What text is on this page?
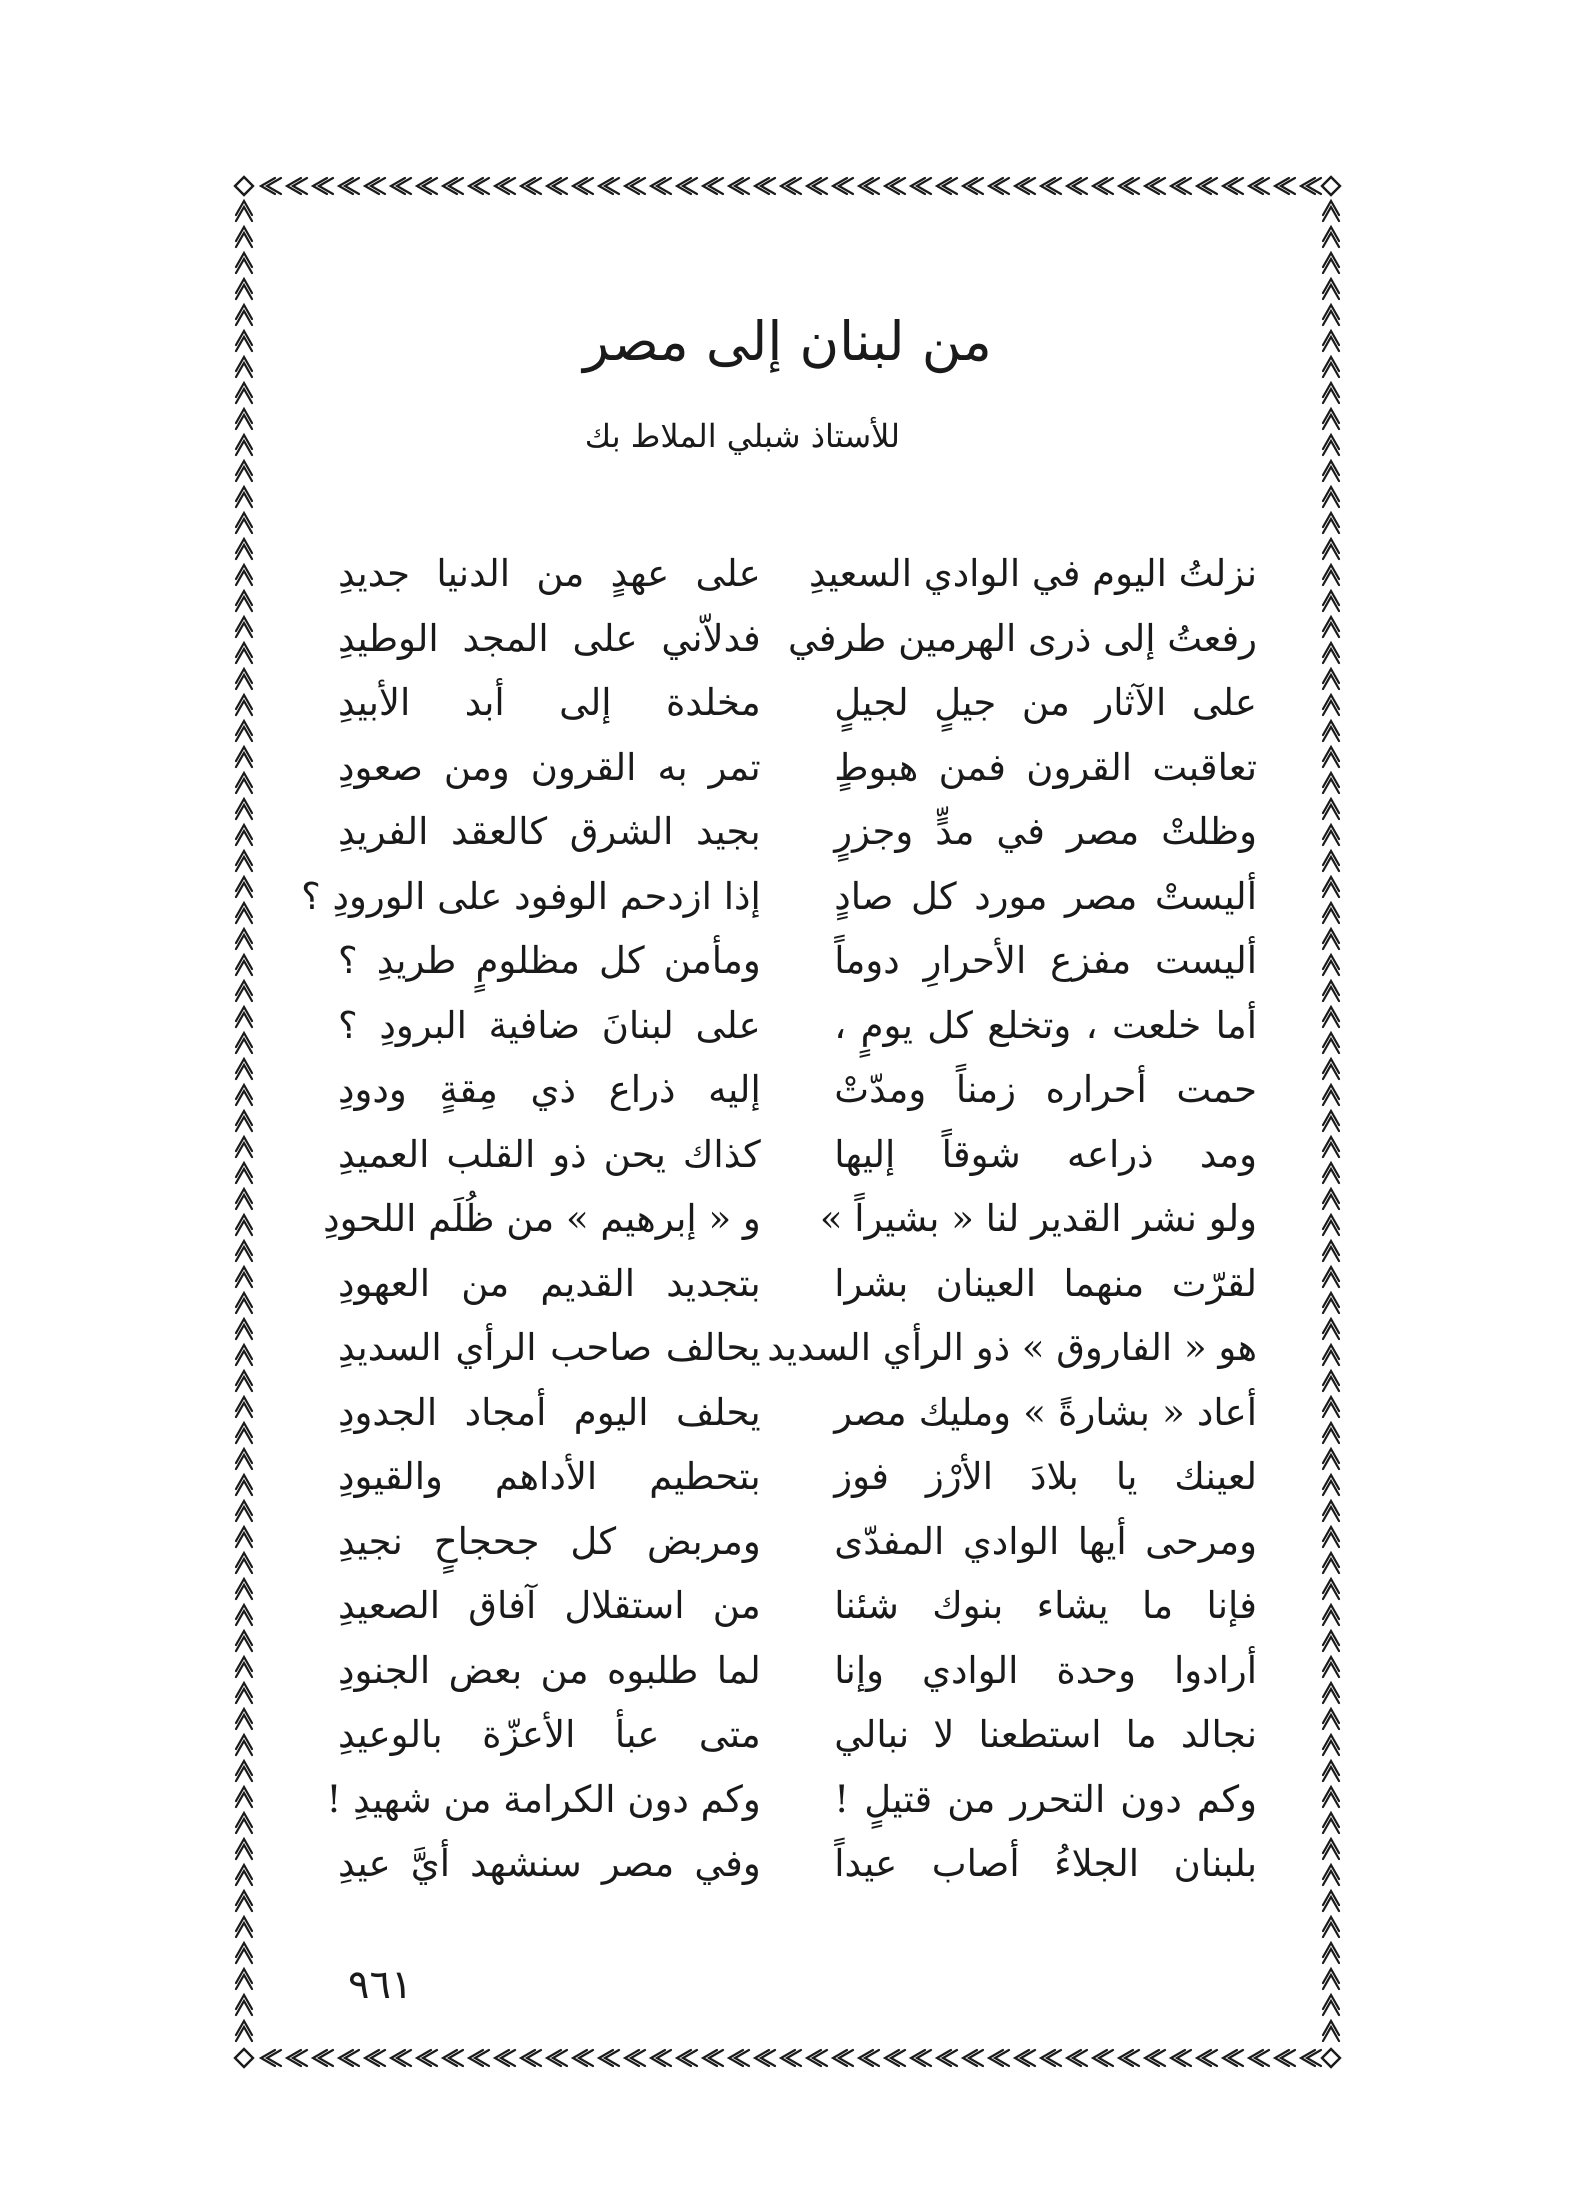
من لبنان إلى مصر
للأستاذ شبلي الملاط بك
نزلتُ اليوم في الوادي السعيدِ
على عهدٍ من الدنيا جديدِ
رفعتُ إلى ذرى الهرمين طرفي
فدلاّني على المجد الوطيدِ
على الآثار من جيلٍ لجيلٍ
مخلدة إلى أبد الأبيدِ
تعاقبت القرون فمن هبوطٍ
تمر به القرون ومن صعودِ
وظلتْ مصر في مدٍّ وجزرٍ
بجيد الشرق كالعقد الفريدِ
أليستْ مصر مورد كل صادٍ
إذا ازدحم الوفود على الورودِ ؟
أليست مفزع الأحرارِ دوماً
ومأمن كل مظلومٍ طريدِ ؟
أما خلعت ، وتخلع كل يومٍ ،
على لبنانَ ضافية البرودِ ؟
حمت أحراره زمناً ومدّتْ
إليه ذراع ذي مِقةٍ ودودِ
ومد ذراعه شوقاً إليها
كذاك يحن ذو القلب العميدِ
ولو نشر القدير لنا « بشيراً »
و « إبرهيم » من ظُلَم اللحودِ
لقرّت منهما العينان بشرا
بتجديد القديم من العهودِ
هو « الفاروق » ذو الرأي السديد
يحالف صاحب الرأي السديدِ
أعاد « بشارةً » ومليك مصر
يحلف اليوم أمجاد الجدودِ
لعينك يا بلادَ الأرْز فوز
بتحطيم الأداهم والقيودِ
ومرحى أيها الوادي المفدّى
ومربض كل جحجاحٍ نجيدِ
فإنا ما يشاء بنوك شئنا
من استقلال آفاق الصعيدِ
أرادوا وحدة الوادي وإنا
لما طلبوه من بعض الجنودِ
نجالد ما استطعنا لا نبالي
متى عبأ الأعزّة بالوعيدِ
وكم دون التحرر من قتيلٍ !
وكم دون الكرامة من شهيدِ !
بلبنان الجلاءُ أصاب عيداً
وفي مصر سنشهد أيَّ عيدِ
٩٦١
